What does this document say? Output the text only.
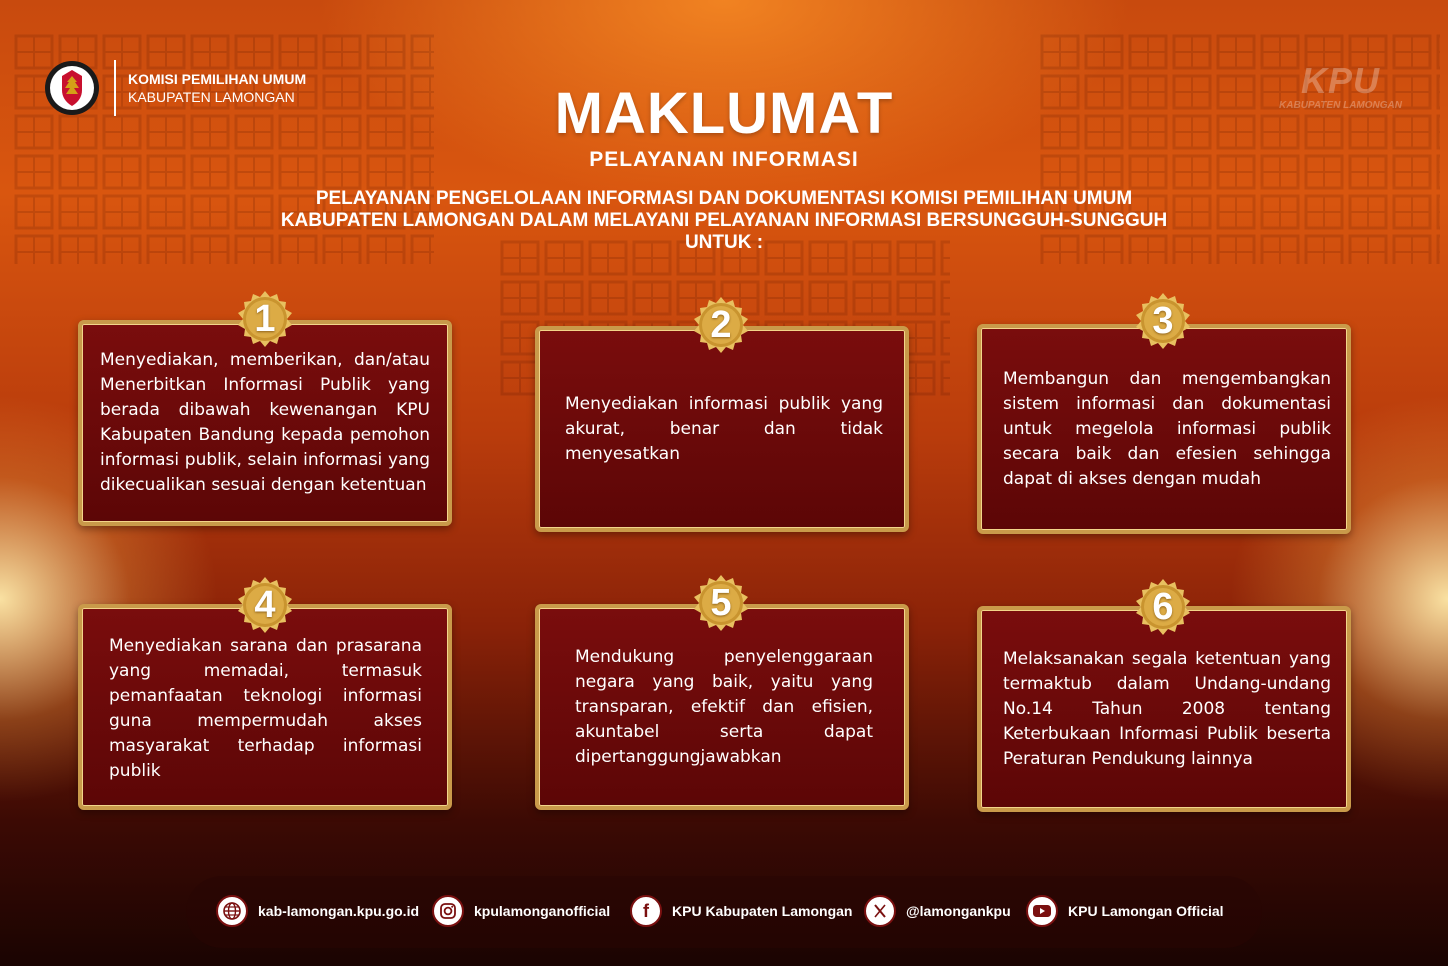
KOMISI PEMILIHAN UMUM
KABUPATEN LAMONGAN	KPU
KABUPATEN LAMONGAN
MAKLUMAT
PELAYANAN INFORMASI
PELAYANAN PENGELOLAAN INFORMASI DAN DOKUMENTASI KOMISI PEMILIHAN UMUM KABUPATEN LAMONGAN DALAM MELAYANI PELAYANAN INFORMASI BERSUNGGUH-SUNGGUH UNTUK :
Menyediakan, memberikan, dan/atau Menerbitkan Informasi Publik yang berada dibawah kewenangan KPU Kabupaten Bandung kepada pemohon informasi publik, selain informasi yang dikecualikan sesuai dengan ketentuan
Menyediakan informasi publik yang akurat, benar dan tidak menyesatkan
Membangun dan mengembangkan sistem informasi dan dokumentasi untuk megelola informasi publik secara baik dan efesien sehingga dapat di akses dengan mudah
Menyediakan sarana dan prasarana yang memadai, termasuk pemanfaatan teknologi informasi guna mempermudah akses masyarakat terhadap informasi publik
Mendukung penyelenggaraan negara yang baik, yaitu yang transparan, efektif dan efisien, akuntabel serta dapat dipertanggungjawabkan
Melaksanakan segala ketentuan yang termaktub dalam Undang-undang No.14 Tahun 2008 tentang Keterbukaan Informasi Publik beserta Peraturan Pendukung lainnya
1	2	3
4	5	6
kab-lamongan.kpu.go.id	kpulamonganofficial	f	KPU Kabupaten Lamongan	@lamongankpu	KPU Lamongan Official
